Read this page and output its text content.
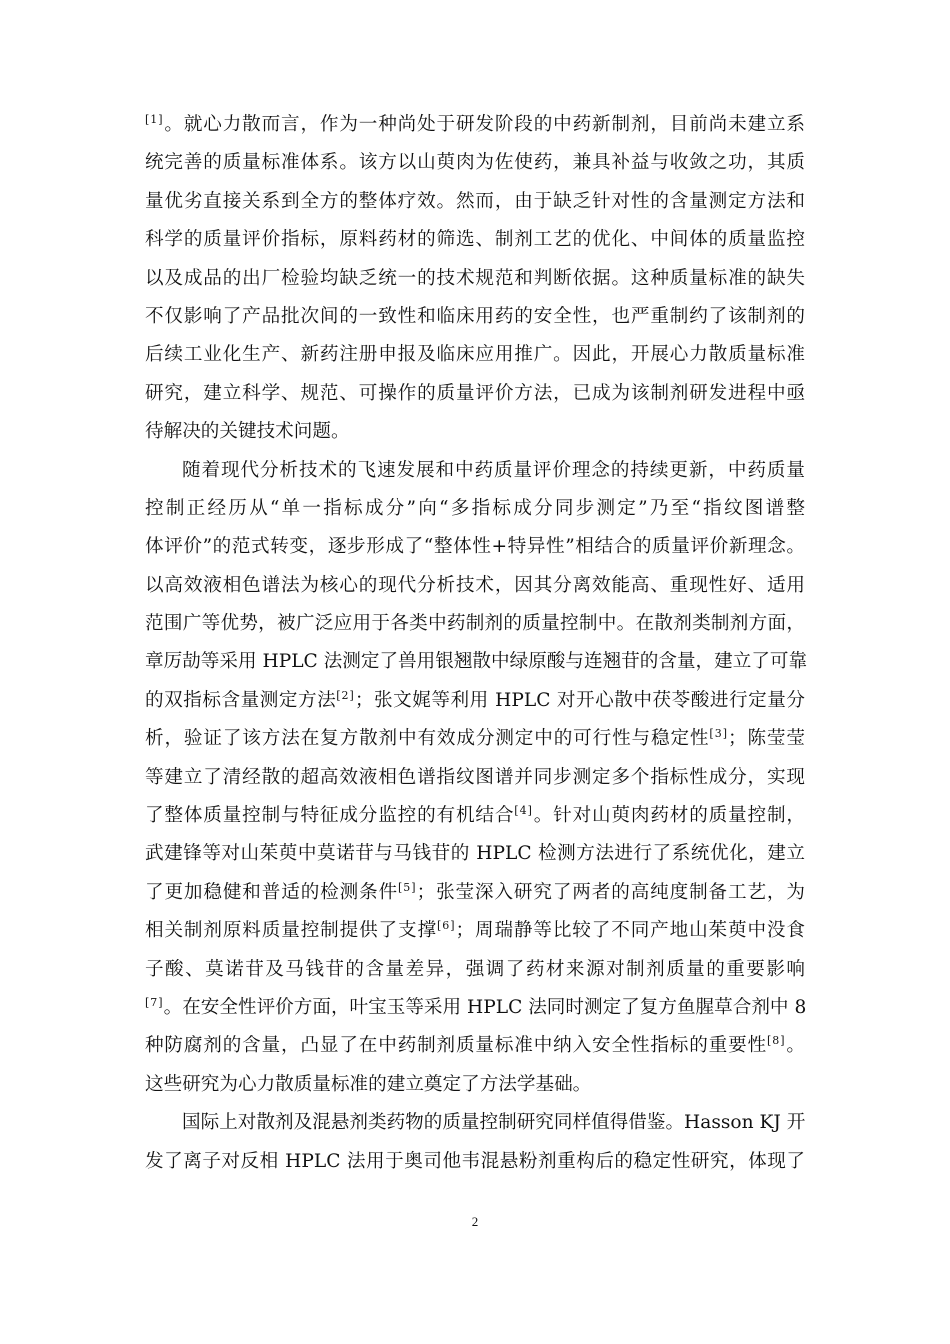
[1]。就心力散而言，作为一种尚处于研发阶段的中药新制剂，目前尚未建立系
统完善的质量标准体系。该方以山萸肉为佐使药，兼具补益与收敛之功，其质
量优劣直接关系到全方的整体疗效。然而，由于缺乏针对性的含量测定方法和
科学的质量评价指标，原料药材的筛选、制剂工艺的优化、中间体的质量监控
以及成品的出厂检验均缺乏统一的技术规范和判断依据。这种质量标准的缺失
不仅影响了产品批次间的一致性和临床用药的安全性，也严重制约了该制剂的
后续工业化生产、新药注册申报及临床应用推广。因此，开展心力散质量标准
研究，建立科学、规范、可操作的质量评价方法，已成为该制剂研发进程中亟
待解决的关键技术问题。
随着现代分析技术的飞速发展和中药质量评价理念的持续更新，中药质量
控制正经历从“单一指标成分”向“多指标成分同步测定”乃至“指纹图谱整
体评价”的范式转变，逐步形成了“整体性+特异性”相结合的质量评价新理念。
以高效液相色谱法为核心的现代分析技术，因其分离效能高、重现性好、适用
范围广等优势，被广泛应用于各类中药制剂的质量控制中。在散剂类制剂方面，
章厉劼等采用 HPLC 法测定了兽用银翘散中绿原酸与连翘苷的含量，建立了可靠
的双指标含量测定方法[2]；张文娓等利用 HPLC 对开心散中茯苓酸进行定量分
析，验证了该方法在复方散剂中有效成分测定中的可行性与稳定性[3]；陈莹莹
等建立了清经散的超高效液相色谱指纹图谱并同步测定多个指标性成分，实现
了整体质量控制与特征成分监控的有机结合[4]。针对山萸肉药材的质量控制，
武建锋等对山茱萸中莫诺苷与马钱苷的 HPLC 检测方法进行了系统优化，建立
了更加稳健和普适的检测条件[5]；张莹深入研究了两者的高纯度制备工艺，为
相关制剂原料质量控制提供了支撑[6]；周瑞静等比较了不同产地山茱萸中没食
子酸、莫诺苷及马钱苷的含量差异，强调了药材来源对制剂质量的重要影响
[7]。在安全性评价方面，叶宝玉等采用 HPLC 法同时测定了复方鱼腥草合剂中 8
种防腐剂的含量，凸显了在中药制剂质量标准中纳入安全性指标的重要性[8]。
这些研究为心力散质量标准的建立奠定了方法学基础。
国际上对散剂及混悬剂类药物的质量控制研究同样值得借鉴。Hasson KJ 开
发了离子对反相 HPLC 法用于奥司他韦混悬粉剂重构后的稳定性研究，体现了
2
